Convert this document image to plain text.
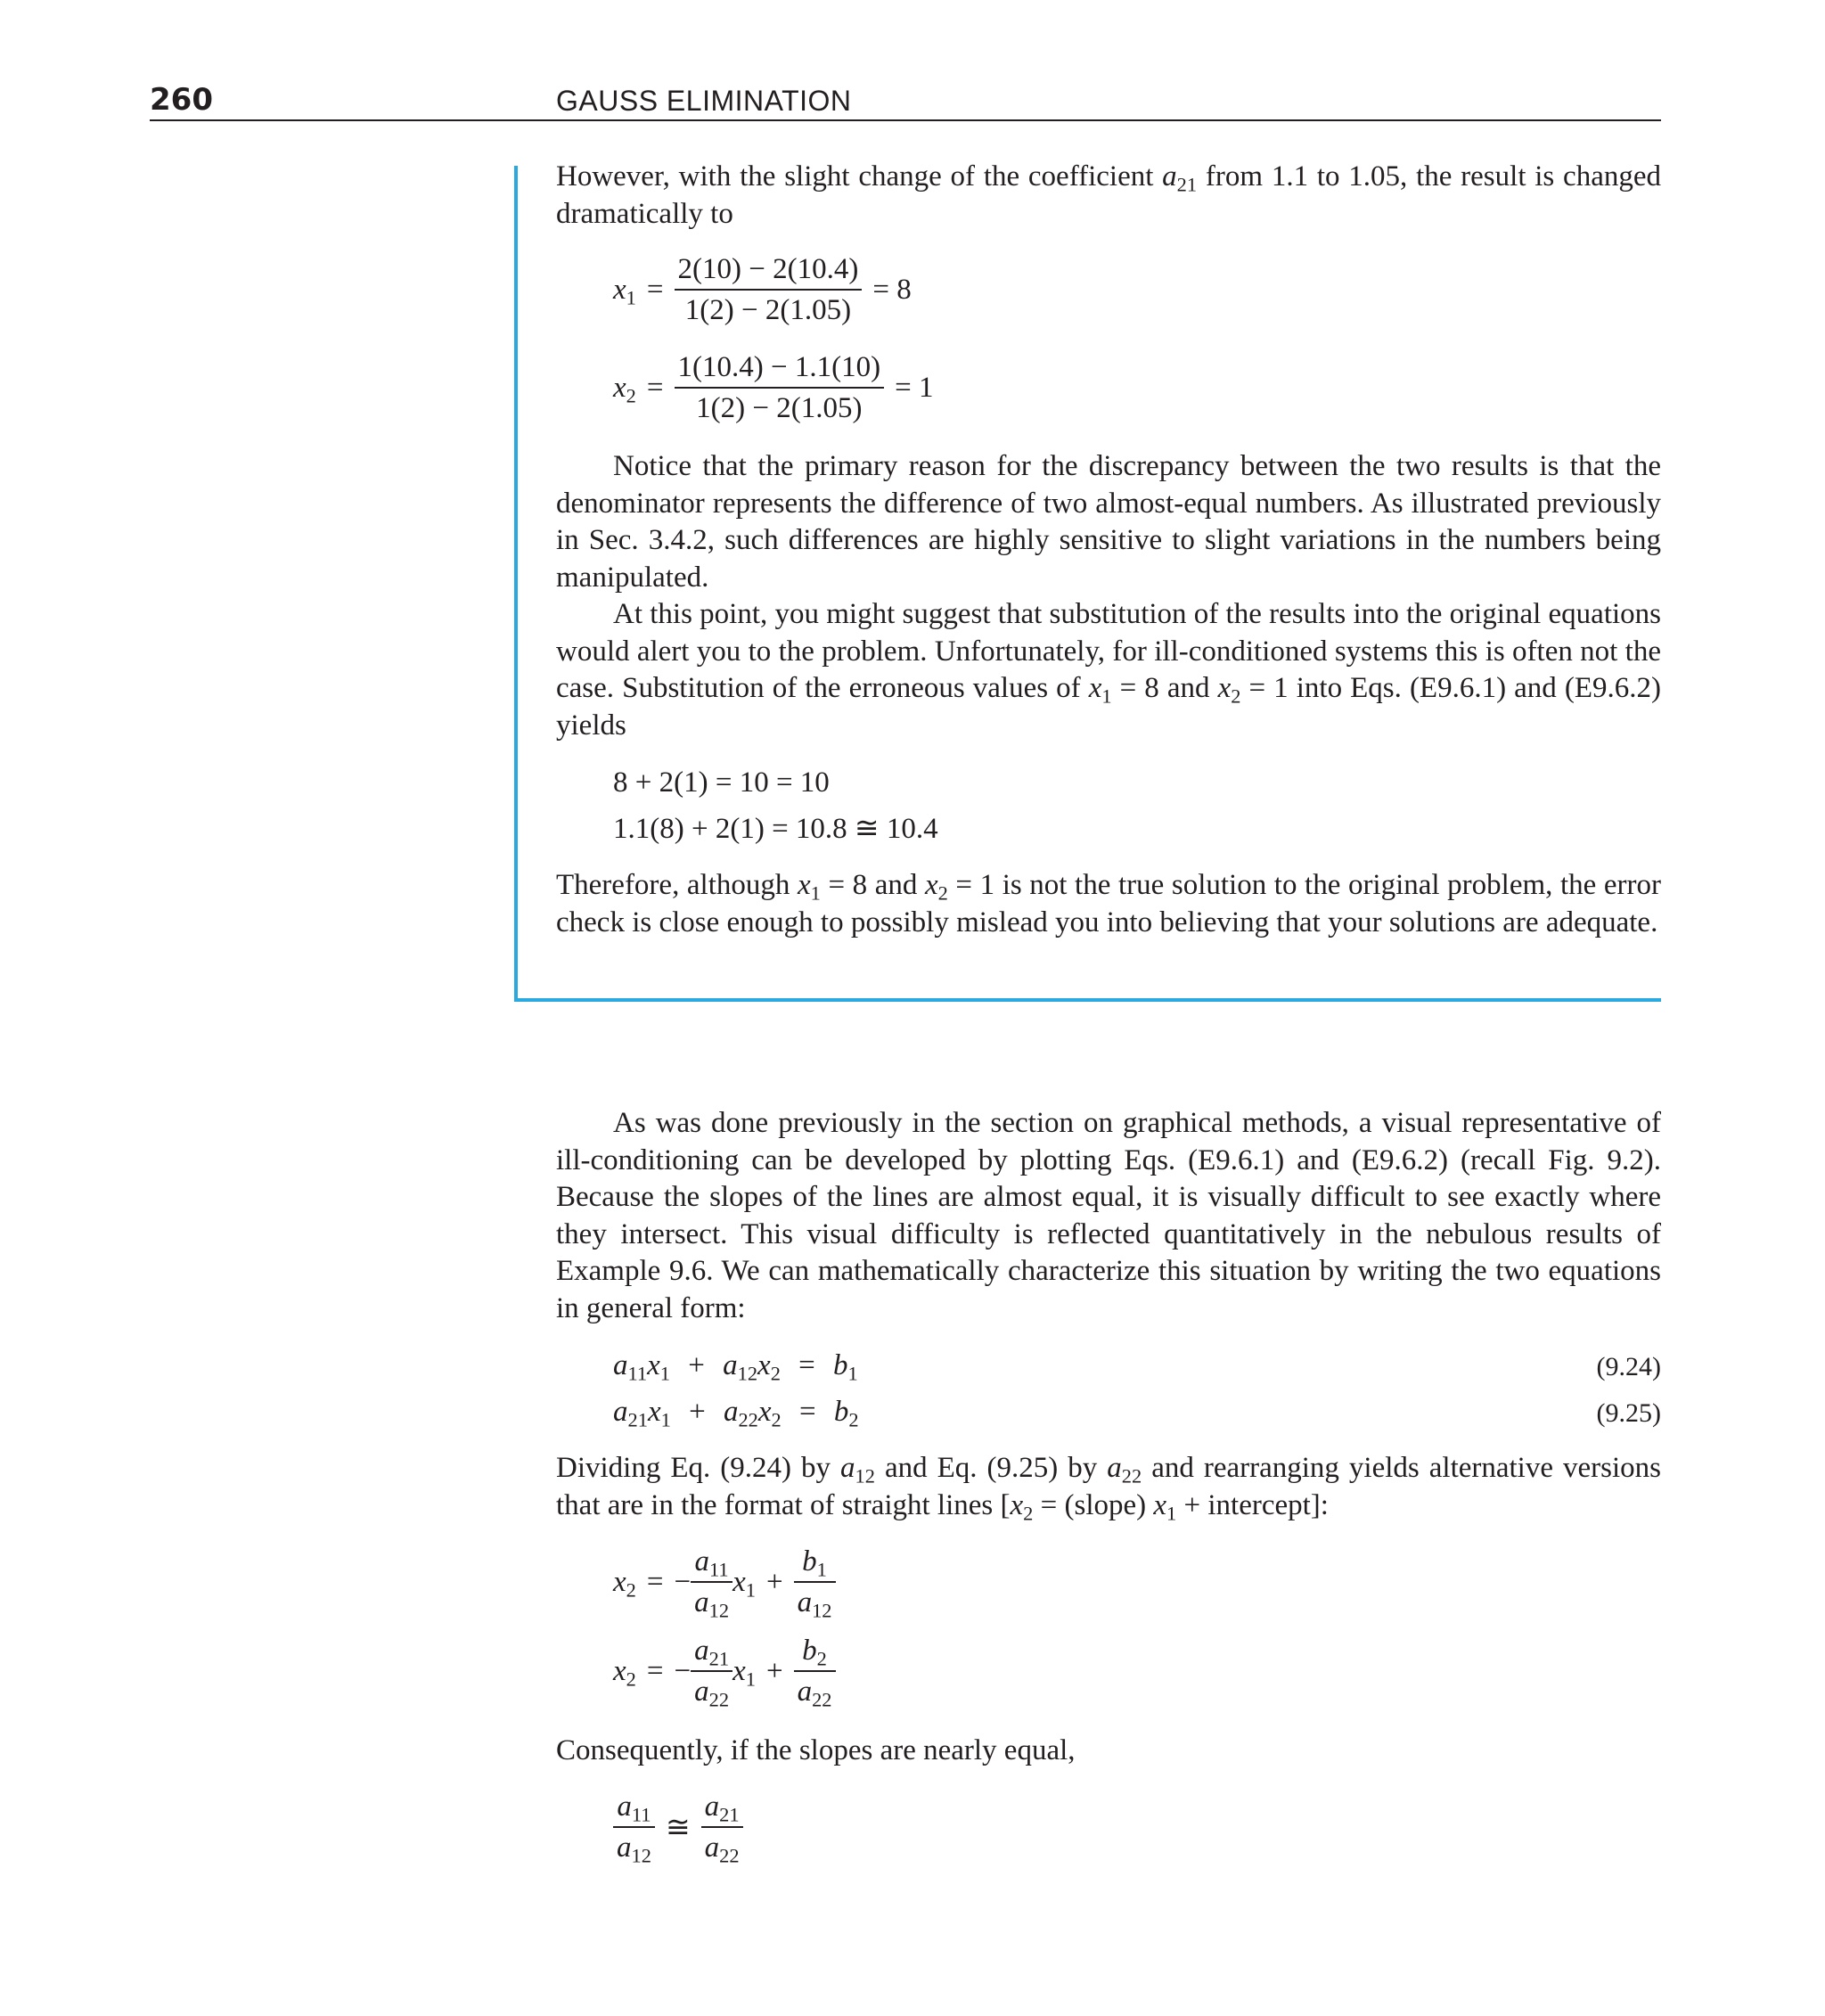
260	GAUSS ELIMINATION

However, with the slight change of the coefficient $a_{21}$ from 1.1 to 1.05, the result is changed dramatically to

$x_1 = \frac{2(10) - 2(10.4)}{1(2) - 2(1.05)} = 8$
$x_2 = \frac{1(10.4) - 1.1(10)}{1(2) - 2(1.05)} = 1$

Notice that the primary reason for the discrepancy between the two results is that the denominator represents the difference of two almost-equal numbers. As illustrated previously in Sec. 3.4.2, such differences are highly sensitive to slight variations in the numbers being manipulated.

At this point, you might suggest that substitution of the results into the original equations would alert you to the problem. Unfortunately, for ill-conditioned systems this is often not the case. Substitution of the erroneous values of $x_1 = 8$ and $x_2 = 1$ into Eqs. (E9.6.1) and (E9.6.2) yields

8 + 2(1) = 10 = 10
1.1(8) + 2(1) = 10.8 ≅ 10.4

Therefore, although $x_1 = 8$ and $x_2 = 1$ is not the true solution to the original problem, the error check is close enough to possibly mislead you into believing that your solutions are adequate.

As was done previously in the section on graphical methods, a visual representative of ill-conditioning can be developed by plotting Eqs. (E9.6.1) and (E9.6.2) (recall Fig. 9.2). Because the slopes of the lines are almost equal, it is visually difficult to see exactly where they intersect. This visual difficulty is reflected quantitatively in the nebulous results of Example 9.6. We can mathematically characterize this situation by writing the two equations in general form:

$a_{11}x_1 + a_{12}x_2 = b_1$	(9.24)
$a_{21}x_1 + a_{22}x_2 = b_2$	(9.25)

Dividing Eq. (9.24) by $a_{12}$ and Eq. (9.25) by $a_{22}$ and rearranging yields alternative versions that are in the format of straight lines [$x_2$ = (slope) $x_1$ + intercept]:

$x_2$ = − $\frac{a_{11}}{a_{12}} x_1 + \frac{b_1}{a_{12}}$
$x_2$ = − $\frac{a_{21}}{a_{22}} x_1 + \frac{b_2}{a_{22}}$

Consequently, if the slopes are nearly equal,

$\frac{a_{11}}{a_{12}}$ ≅ $\frac{a_{21}}{a_{22}}$
